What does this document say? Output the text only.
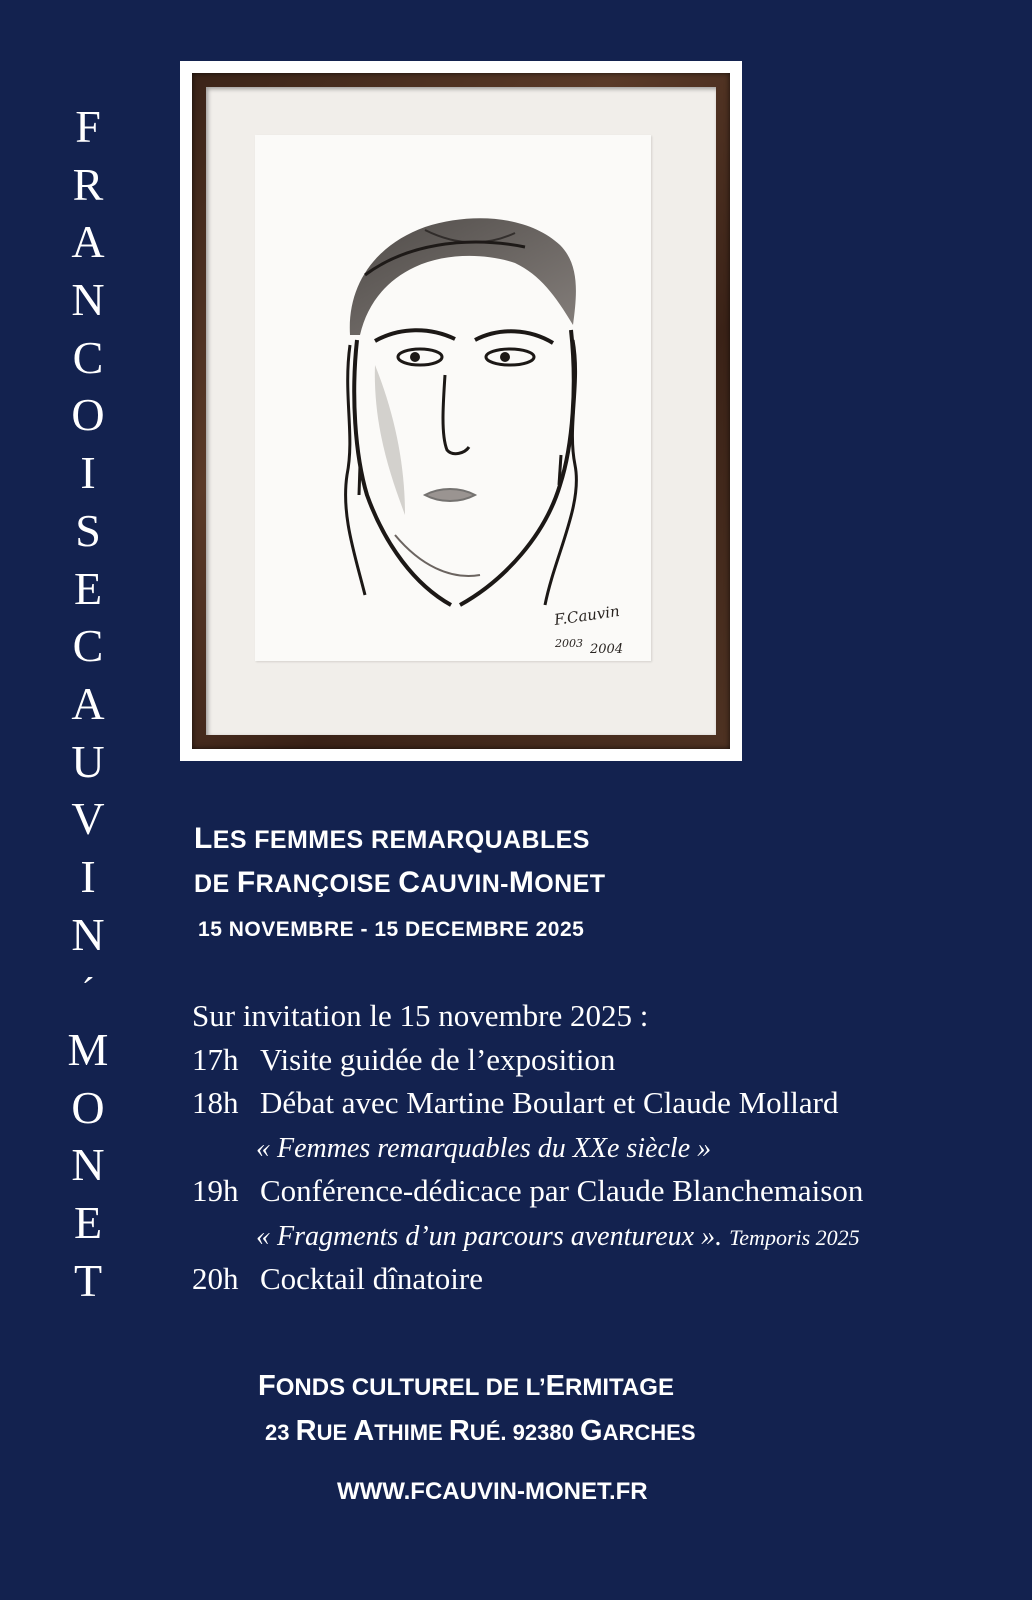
F
R
A
N
C
O
I
S
E
C
A
U
V
I
N
´
M
O
N
E
T
F.Cauvin
2003 2004
LES FEMMES REMARQUABLES
DE FRANÇOISE CAUVIN-MONET
15 NOVEMBRE - 15 DECEMBRE 2025
Sur invitation le 15 novembre 2025 :
17h Visite guidée de l’exposition
18h Débat avec Martine Boulart et Claude Mollard
« Femmes remarquables du XXe siècle »
19h Conférence-dédicace par Claude Blanchemaison
« Fragments d’un parcours aventureux ». Temporis 2025
20h Cocktail dînatoire
FONDS CULTUREL DE L’ERMITAGE
23 RUE ATHIME RUÉ. 92380 GARCHES
WWW.FCAUVIN-MONET.FR
